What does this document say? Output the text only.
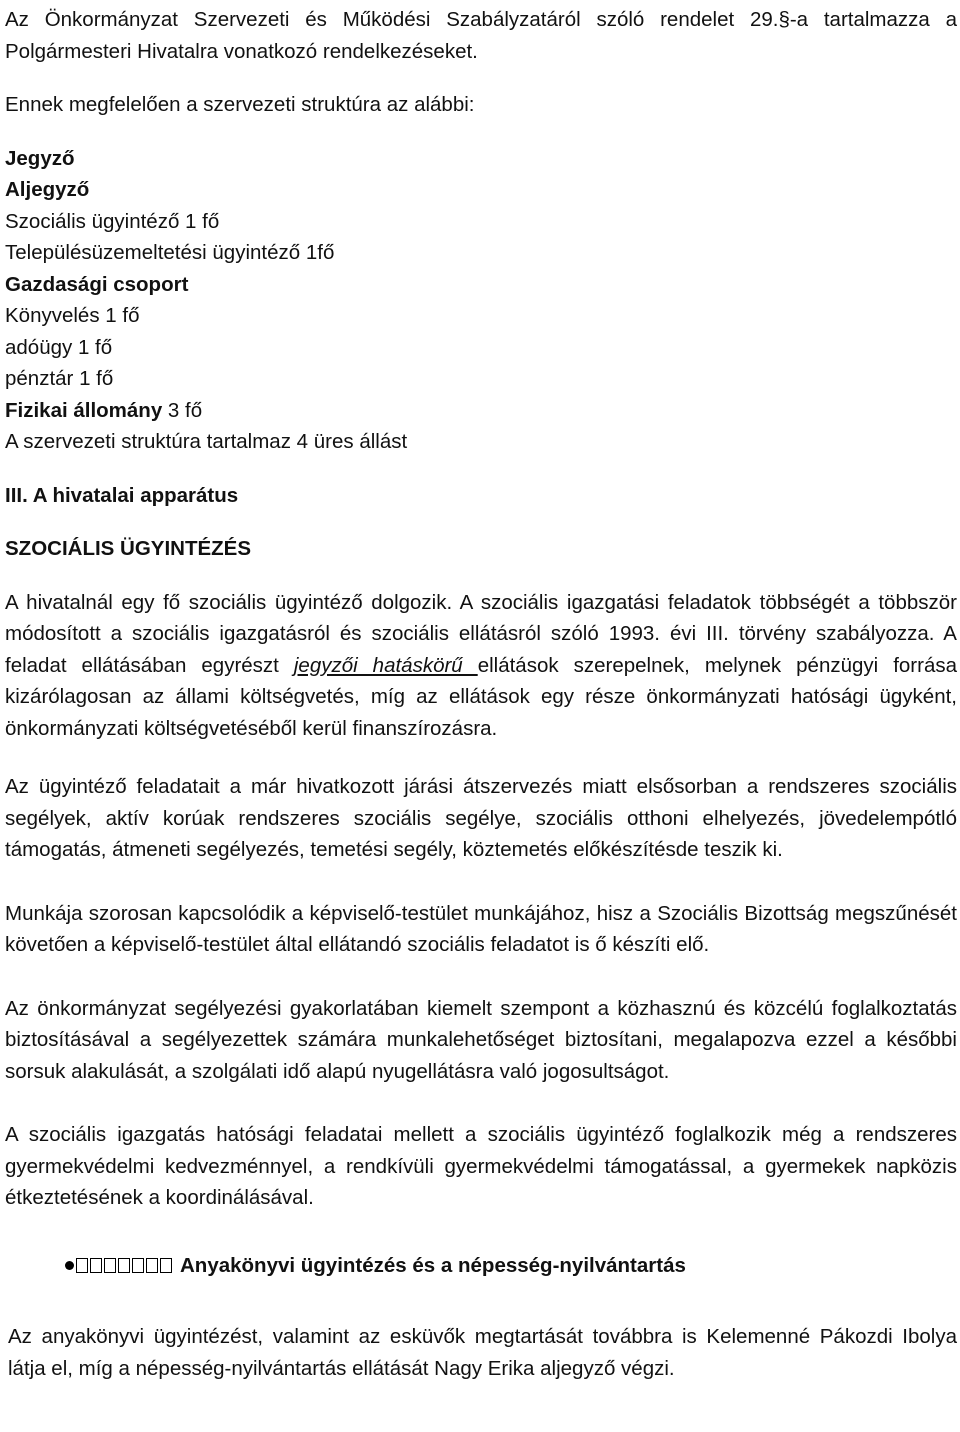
Az Önkormányzat Szervezeti és Működési Szabályzatáról szóló rendelet 29.§-a tartalmazza a Polgármesteri Hivatalra vonatkozó rendelkezéseket.

Ennek megfelelően a szervezeti struktúra az alábbi:

Jegyző

Aljegyző

Szociális ügyintéző 1 fő

Településüzemeltetési ügyintéző 1fő

Gazdasági csoport

Könyvelés 1 fő

adóügy 1 fő

pénztár 1 fő

Fizikai állomány 3 fő

A szervezeti struktúra tartalmaz 4 üres állást

III. A hivatalai apparátus

SZOCIÁLIS ÜGYINTÉZÉS

A hivatalnál egy fő szociális ügyintéző dolgozik. A szociális igazgatási feladatok többségét a többször módosított a szociális igazgatásról és szociális ellátásról szóló 1993. évi III. törvény szabályozza. A feladat ellátásában egyrészt jegyzői hatáskörű ellátások szerepelnek, melynek pénzügyi forrása kizárólagosan az állami költségvetés, míg az ellátások egy része önkormányzati hatósági ügyként, önkormányzati költségvetéséből kerül finanszírozásra.

Az ügyintéző feladatait a már hivatkozott járási átszervezés miatt elsősorban a rendszeres szociális segélyek, aktív korúak rendszeres szociális segélye, szociális otthoni elhelyezés, jövedelempótló támogatás, átmeneti segélyezés, temetési segély, köztemetés előkészítésde teszik ki.

Munkája szorosan kapcsolódik a képviselő-testület munkájához, hisz a Szociális Bizottság megszűnését követően a képviselő-testület által ellátandó szociális feladatot is ő készíti elő.

Az önkormányzat segélyezési gyakorlatában kiemelt szempont a közhasznú és közcélú foglalkoztatás biztosításával a segélyezettek számára munkalehetőséget biztosítani, megalapozva ezzel a későbbi sorsuk alakulását, a szolgálati idő alapú nyugellátásra való jogosultságot.

A szociális igazgatás hatósági feladatai mellett a szociális ügyintéző foglalkozik még a rendszeres gyermekvédelmi kedvezménnyel, a rendkívüli gyermekvédelmi támogatással, a gyermekek napközis étkeztetésének a koordinálásával.

Anyakönyvi ügyintézés és a népesség-nyilvántartás

Az anyakönyvi ügyintézést, valamint az esküvők megtartását továbbra is Kelemenné Pákozdi Ibolya látja el, míg a népesség-nyilvántartás ellátását Nagy Erika aljegyző végzi.
